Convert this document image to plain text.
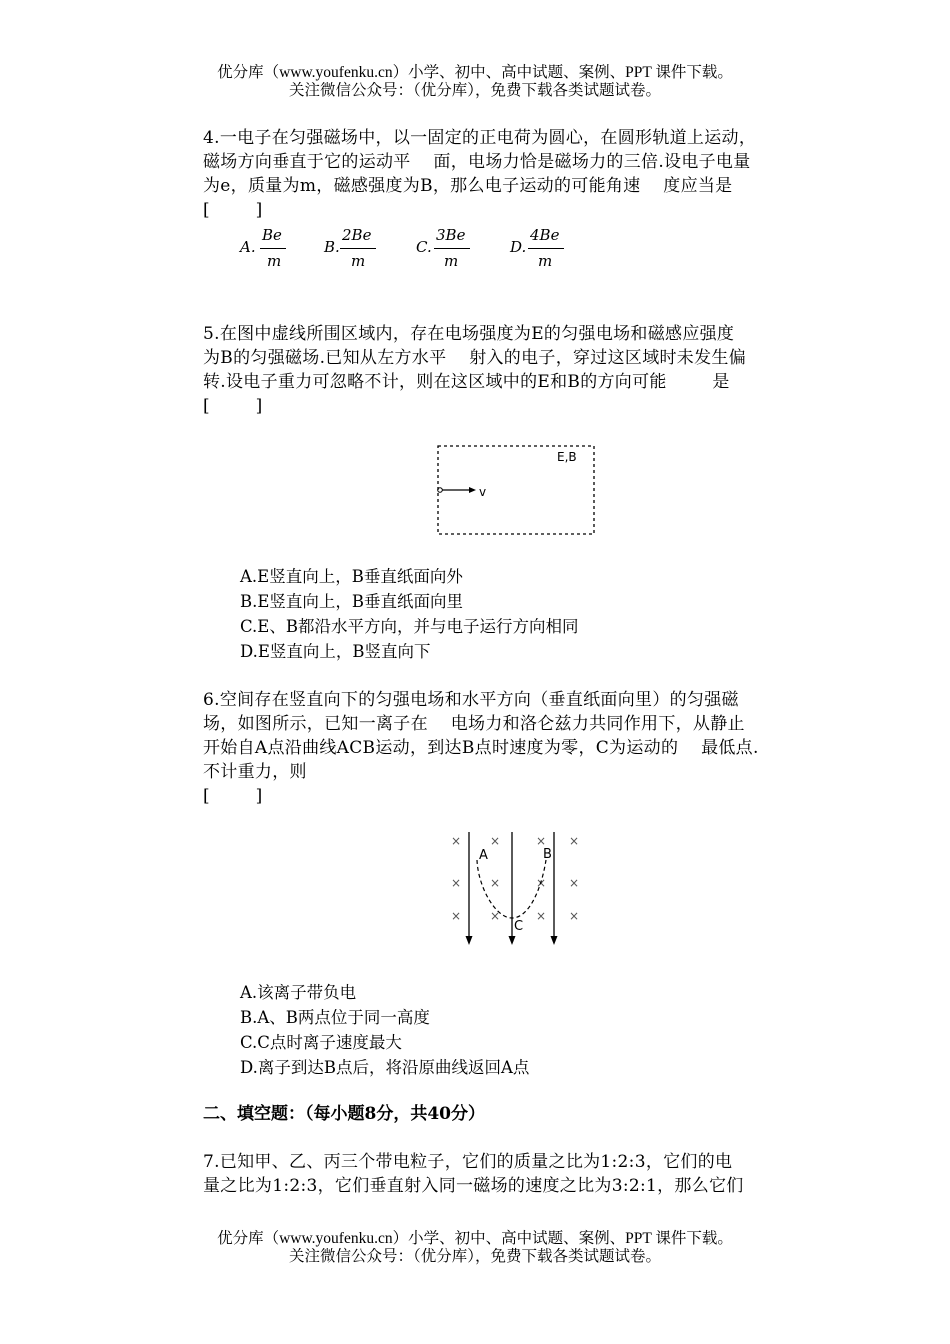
优分库（www.youfenku.cn）小学、初中、高中试题、案例、PPT 课件下载。
关注微信公众号：（优分库），免费下载各类试题试卷。
4.一电子在匀强磁场中，以一固定的正电荷为圆心，在圆形轨道上运动，
磁场方向垂直于它的运动平    面，电场力恰是磁场力的三倍.设电子电量
为e，质量为m，磁感强度为B，那么电子运动的可能角速    度应当是
[        ]
A.
Be
m
B.
2Be
m
C.
3Be
m
D.
4Be
m
5.在图中虚线所围区域内，存在电场强度为E的匀强电场和磁感应强度
为B的匀强磁场.已知从左方水平    射入的电子，穿过这区域时未发生偏
转.设电子重力可忽略不计，则在这区域中的E和B的方向可能        是
[        ]
E,B
v
A.E竖直向上，B垂直纸面向外
B.E竖直向上，B垂直纸面向里
C.E、B都沿水平方向，并与电子运行方向相同
D.E竖直向上，B竖直向下
6.空间存在竖直向下的匀强电场和水平方向（垂直纸面向里）的匀强磁
场，如图所示，已知一离子在    电场力和洛仑兹力共同作用下，从静止
开始自A点沿曲线ACB运动，到达B点时速度为零，C为运动的    最低点.
不计重力，则
[        ]
× ×	× ×
× ×	× ×
× ×	× ×
A	B
C
A.该离子带负电
B.A、B两点位于同一高度
C.C点时离子速度最大
D.离子到达B点后，将沿原曲线返回A点
二、填空题：（每小题8分，共40分）
7.已知甲、乙、丙三个带电粒子，它们的质量之比为1:2:3，它们的电
量之比为1:2:3，它们垂直射入同一磁场的速度之比为3:2:1，那么它们
优分库（www.youfenku.cn）小学、初中、高中试题、案例、PPT 课件下载。
关注微信公众号：（优分库），免费下载各类试题试卷。
